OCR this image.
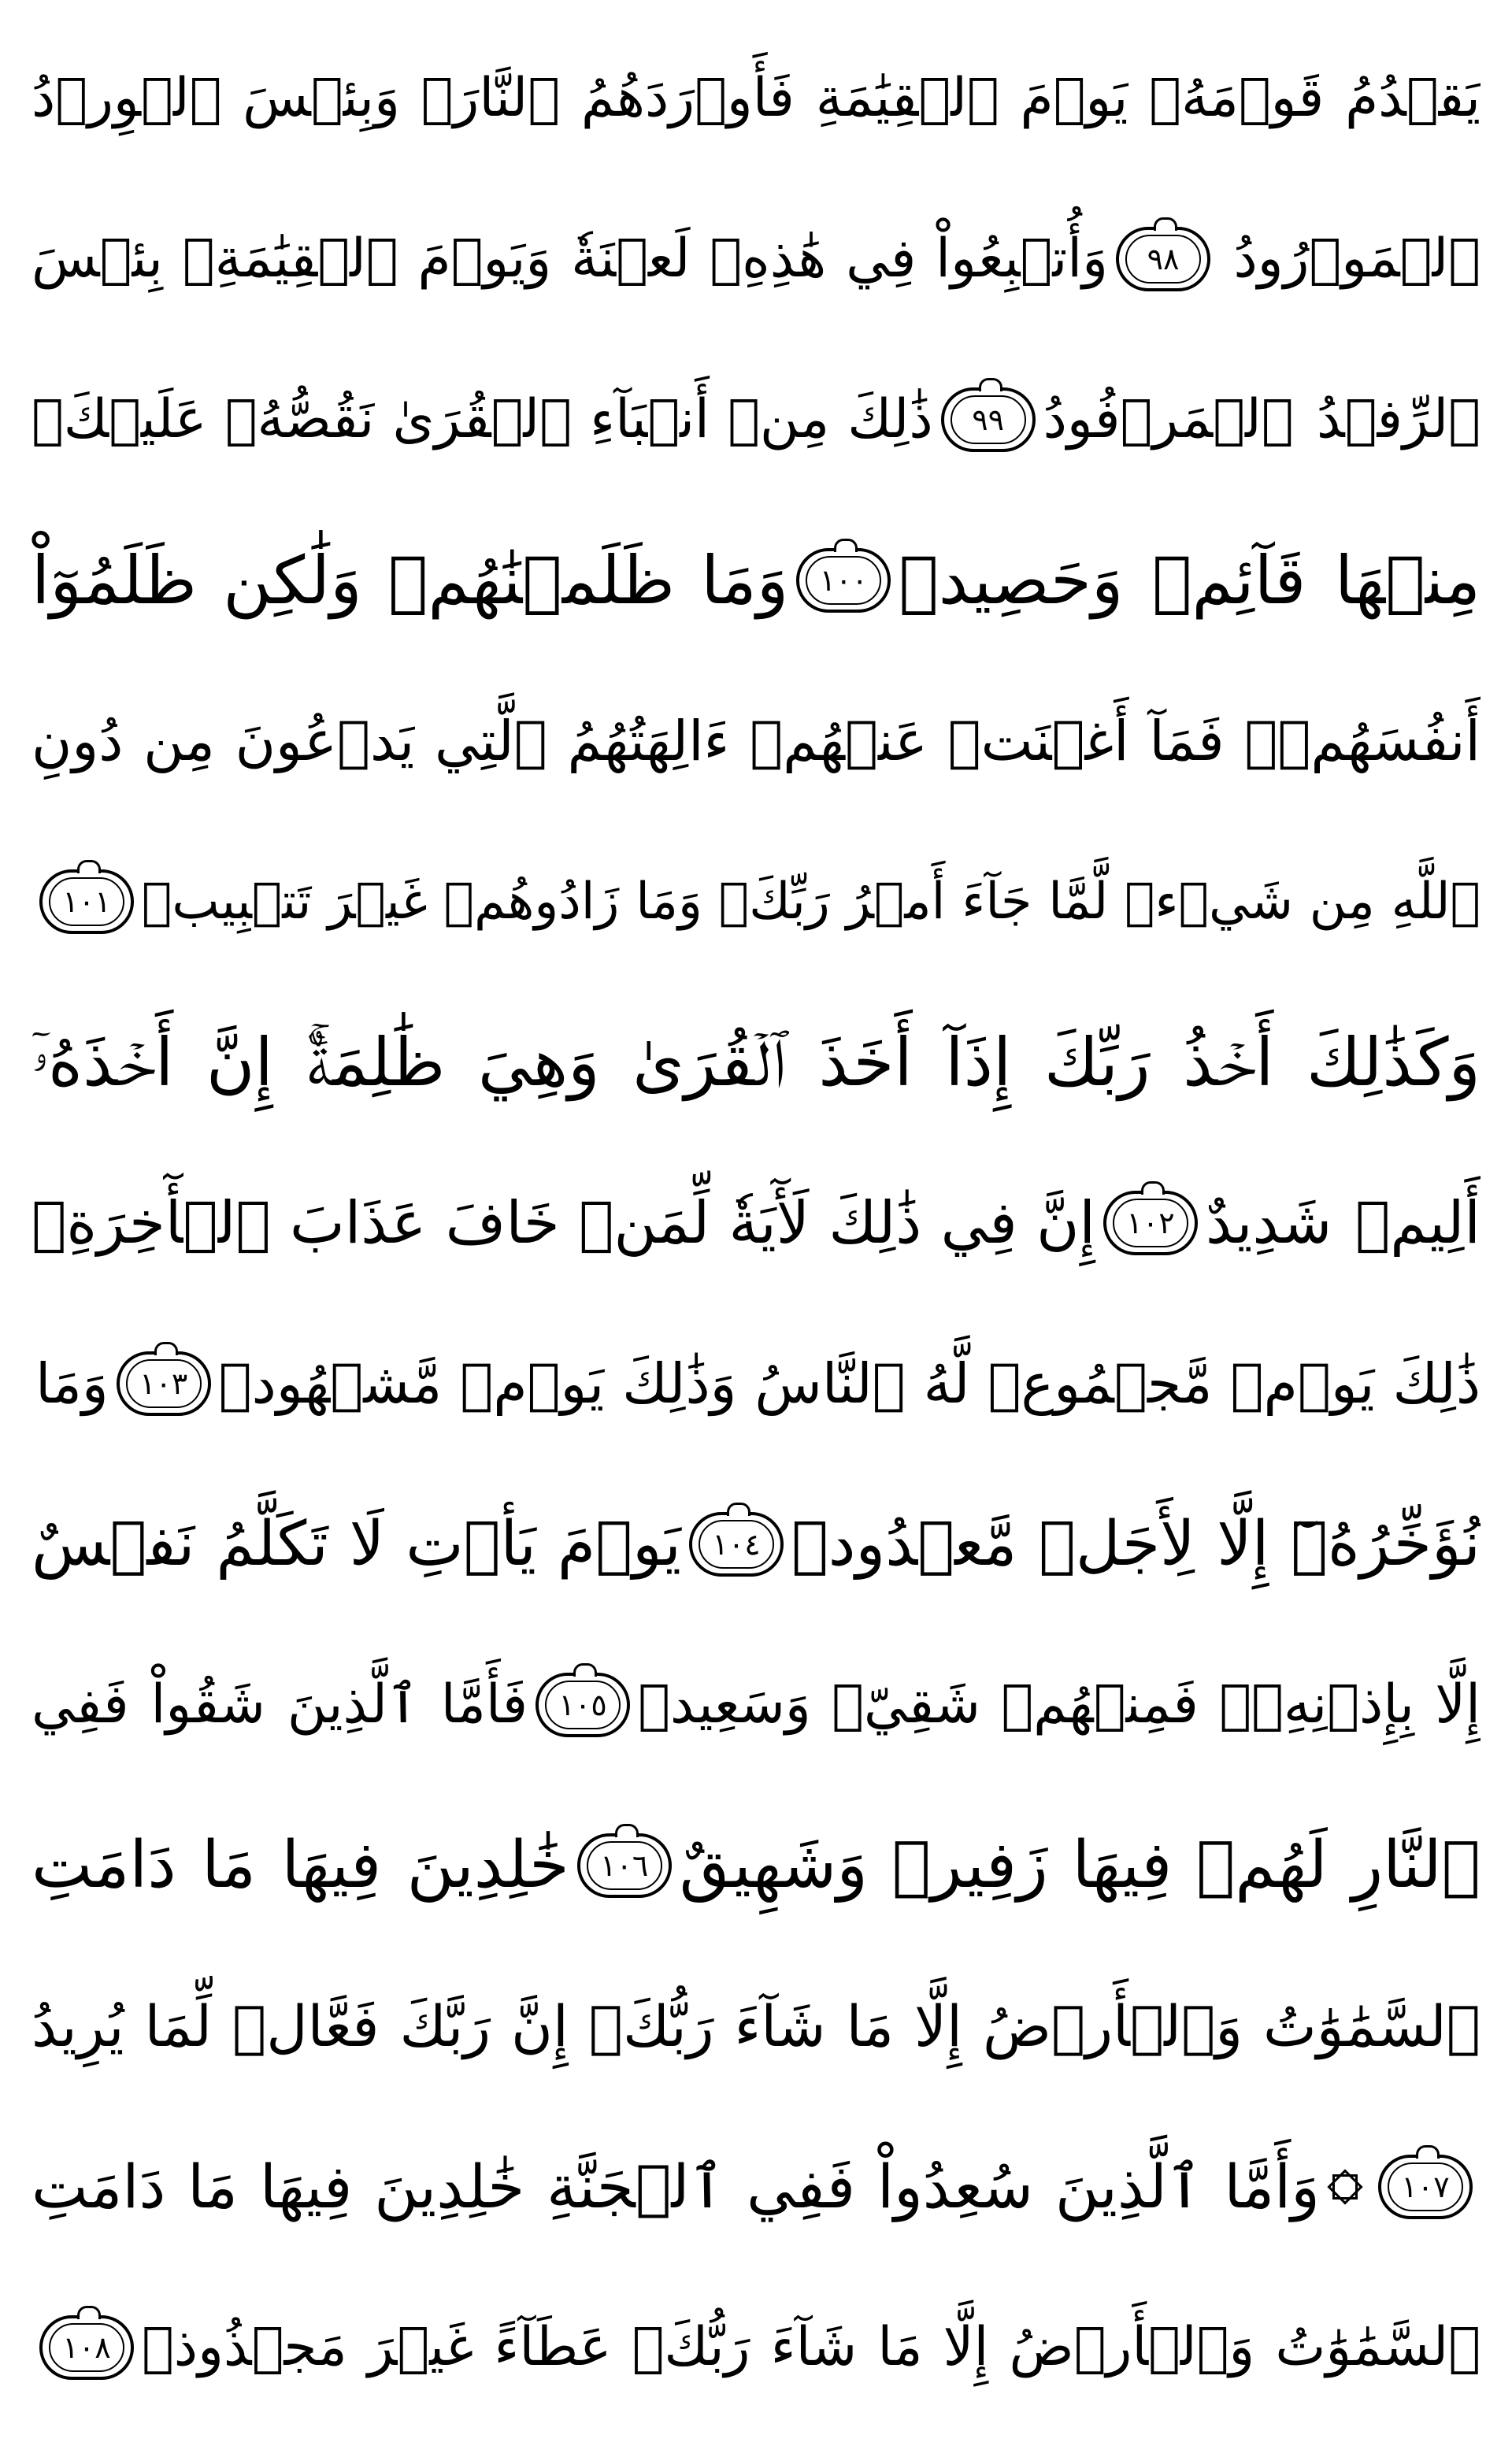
يَقۡدُمُ قَوۡمَهُۥ يَوۡمَ ٱلۡقِيَٰمَةِ فَأَوۡرَدَهُمُ ٱلنَّارَۖ وَبِئۡسَ ٱلۡوِرۡدُ
ٱلۡمَوۡرُودُ
٩٨
وَأُتۡبِعُواْ فِي هَٰذِهِۦ لَعۡنَةٗ وَيَوۡمَ ٱلۡقِيَٰمَةِۚ بِئۡسَ
ٱلرِّفۡدُ ٱلۡمَرۡفُودُ
٩٩
ذَٰلِكَ مِنۡ أَنۢبَآءِ ٱلۡقُرَىٰ نَقُصُّهُۥ عَلَيۡكَۖ
مِنۡهَا قَآئِمٞ وَحَصِيدٞ
١٠٠
وَمَا ظَلَمۡنَٰهُمۡ وَلَٰكِن ظَلَمُوٓاْ
أَنفُسَهُمۡۖ فَمَآ أَغۡنَتۡ عَنۡهُمۡ ءَالِهَتُهُمُ ٱلَّتِي يَدۡعُونَ مِن دُونِ
ٱللَّهِ مِن شَيۡءٖ لَّمَّا جَآءَ أَمۡرُ رَبِّكَۖ وَمَا زَادُوهُمۡ غَيۡرَ تَتۡبِيبٖ
١٠١
وَكَذَٰلِكَ أَخۡذُ رَبِّكَ إِذَآ أَخَذَ ٱلۡقُرَىٰ وَهِيَ ظَٰلِمَةٌۚ إِنَّ أَخۡذَهُۥٓ
أَلِيمٞ شَدِيدٌ
١٠٢
إِنَّ فِي ذَٰلِكَ لَأٓيَةٗ لِّمَنۡ خَافَ عَذَابَ ٱلۡأٓخِرَةِۚ
ذَٰلِكَ يَوۡمٞ مَّجۡمُوعٞ لَّهُ ٱلنَّاسُ وَذَٰلِكَ يَوۡمٞ مَّشۡهُودٞ
١٠٣
وَمَا
نُؤَخِّرُهُۥٓ إِلَّا لِأَجَلٖ مَّعۡدُودٖ
١٠٤
يَوۡمَ يَأۡتِ لَا تَكَلَّمُ نَفۡسٌ
إِلَّا بِإِذۡنِهِۦۚ فَمِنۡهُمۡ شَقِيّٞ وَسَعِيدٞ
١٠٥
فَأَمَّا ٱلَّذِينَ شَقُواْ فَفِي
ٱلنَّارِ لَهُمۡ فِيهَا زَفِيرٞ وَشَهِيقٌ
١٠٦
خَٰلِدِينَ فِيهَا مَا دَامَتِ
ٱلسَّمَٰوَٰتُ وَٱلۡأَرۡضُ إِلَّا مَا شَآءَ رَبُّكَۚ إِنَّ رَبَّكَ فَعَّالٞ لِّمَا يُرِيدُ
١٠٧
وَأَمَّا ٱلَّذِينَ سُعِدُواْ فَفِي ٱلۡجَنَّةِ خَٰلِدِينَ فِيهَا مَا دَامَتِ
ٱلسَّمَٰوَٰتُ وَٱلۡأَرۡضُ إِلَّا مَا شَآءَ رَبُّكَۖ عَطَآءً غَيۡرَ مَجۡذُوذٖ
١٠٨
